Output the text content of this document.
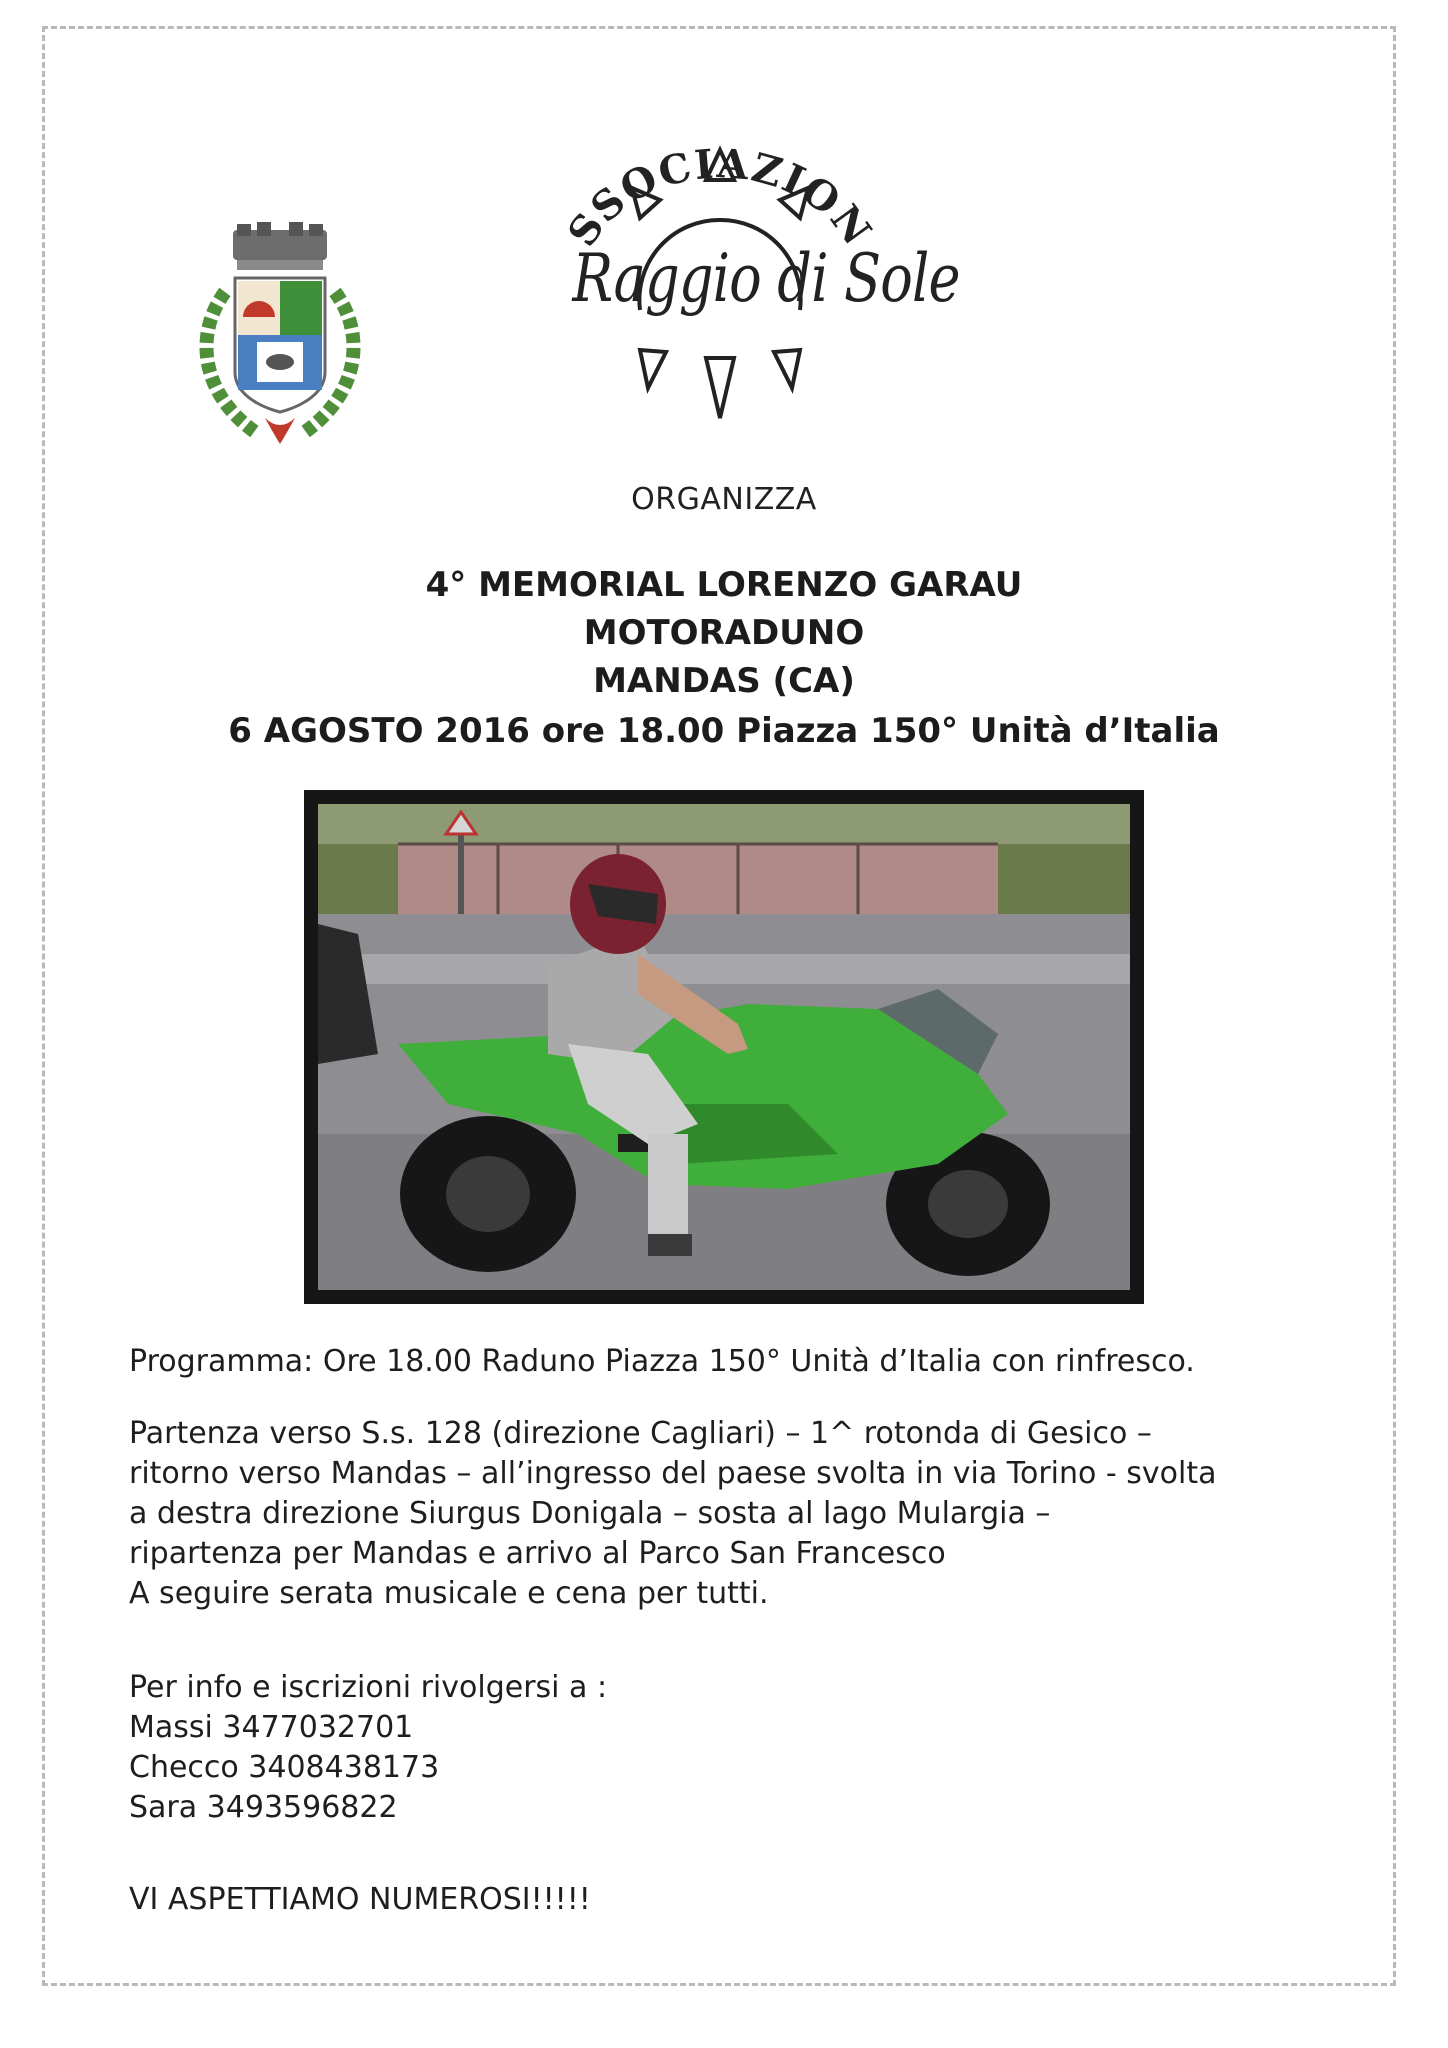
SSOCIAZION
Raggio di Sole
ORGANIZZA
4° MEMORIAL LORENZO GARAU
MOTORADUNO
MANDAS (CA)
6 AGOSTO 2016 ore 18.00 Piazza 150° Unità d’Italia
Programma: Ore 18.00 Raduno Piazza 150° Unità d’Italia con rinfresco.
Partenza verso S.s. 128 (direzione Cagliari) – 1^ rotonda di Gesico –
ritorno verso Mandas – all’ingresso del paese svolta in via Torino - svolta
a destra direzione Siurgus Donigala – sosta al lago Mulargia –
ripartenza per Mandas e arrivo al Parco San Francesco
A seguire serata musicale e cena per tutti.
Per info e iscrizioni rivolgersi a :
Massi 3477032701
Checco 3408438173
Sara 3493596822
VI ASPETTIAMO NUMEROSI!!!!!
